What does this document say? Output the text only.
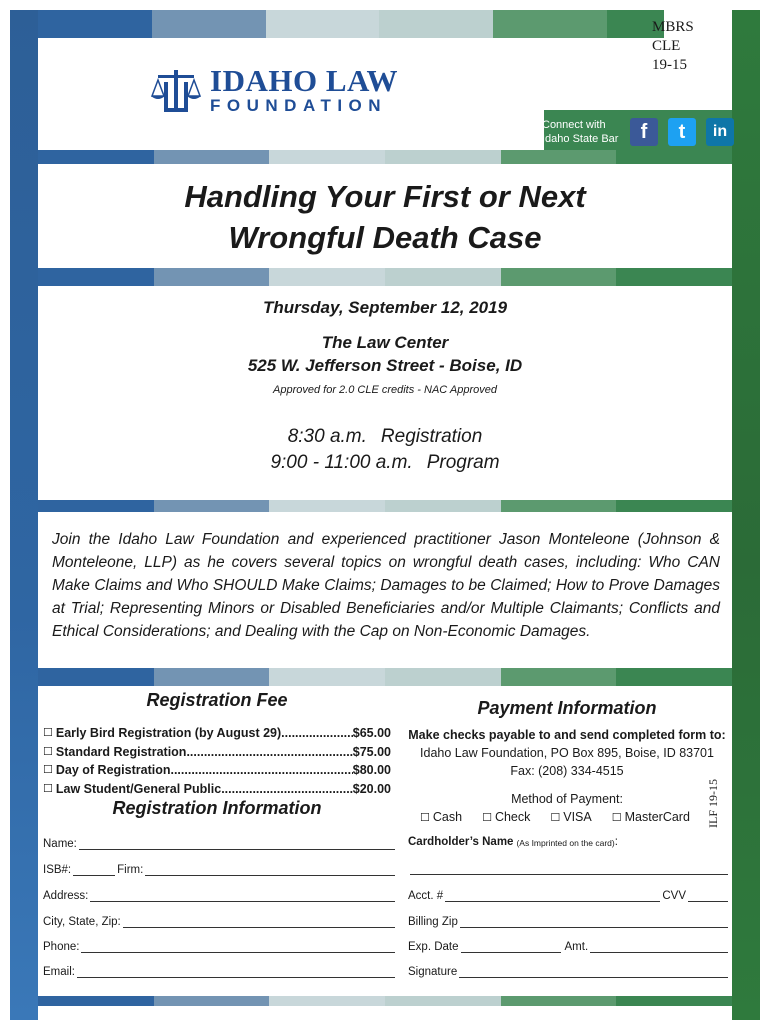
MBRS
CLE
19-15
IDAHO LAW
FOUNDATION
Connect with Idaho State Bar	f	t	in
Handling Your First or Next
Wrongful Death Case
Thursday, September 12, 2019
The Law Center
525 W. Jefferson Street - Boise, ID
Approved for 2.0 CLE credits - NAC Approved
8:30 a.m. Registration
9:00 - 11:00 a.m. Program
Join the Idaho Law Foundation and experienced practitioner Jason Monteleone (Johnson & Monteleone, LLP) as he covers several topics on wrongful death cases, including: Who CAN Make Claims and Who SHOULD Make Claims; Damages to be Claimed; How to Prove Damages at Trial; Representing Minors or Disabled Beneficiaries and/or Multiple Claimants; Conflicts and Ethical Considerations; and Dealing with the Cap on Non-Economic Damages.
Registration Fee
☐ Early Bird Registration (by August 29) .....	$65.00
☐ Standard Registration .....	$75.00
☐ Day of Registration .....	$80.00
☐ Law Student/General Public .....	$20.00
Payment Information
Make checks payable to and send completed form to:
Idaho Law Foundation, PO Box 895, Boise, ID 83701
Fax: (208) 334-4515
Method of Payment:
☐ Cash ☐ Check ☐ VISA ☐ MasterCard ILF 19-15
Registration Information
Name:
ISB#:	Firm:
Address:
City, State, Zip:
Phone:
Email:
Cardholder’s Name (As Imprinted on the card) :
Acct. #	CVV
Billing Zip
Exp. Date	Amt.
Signature
